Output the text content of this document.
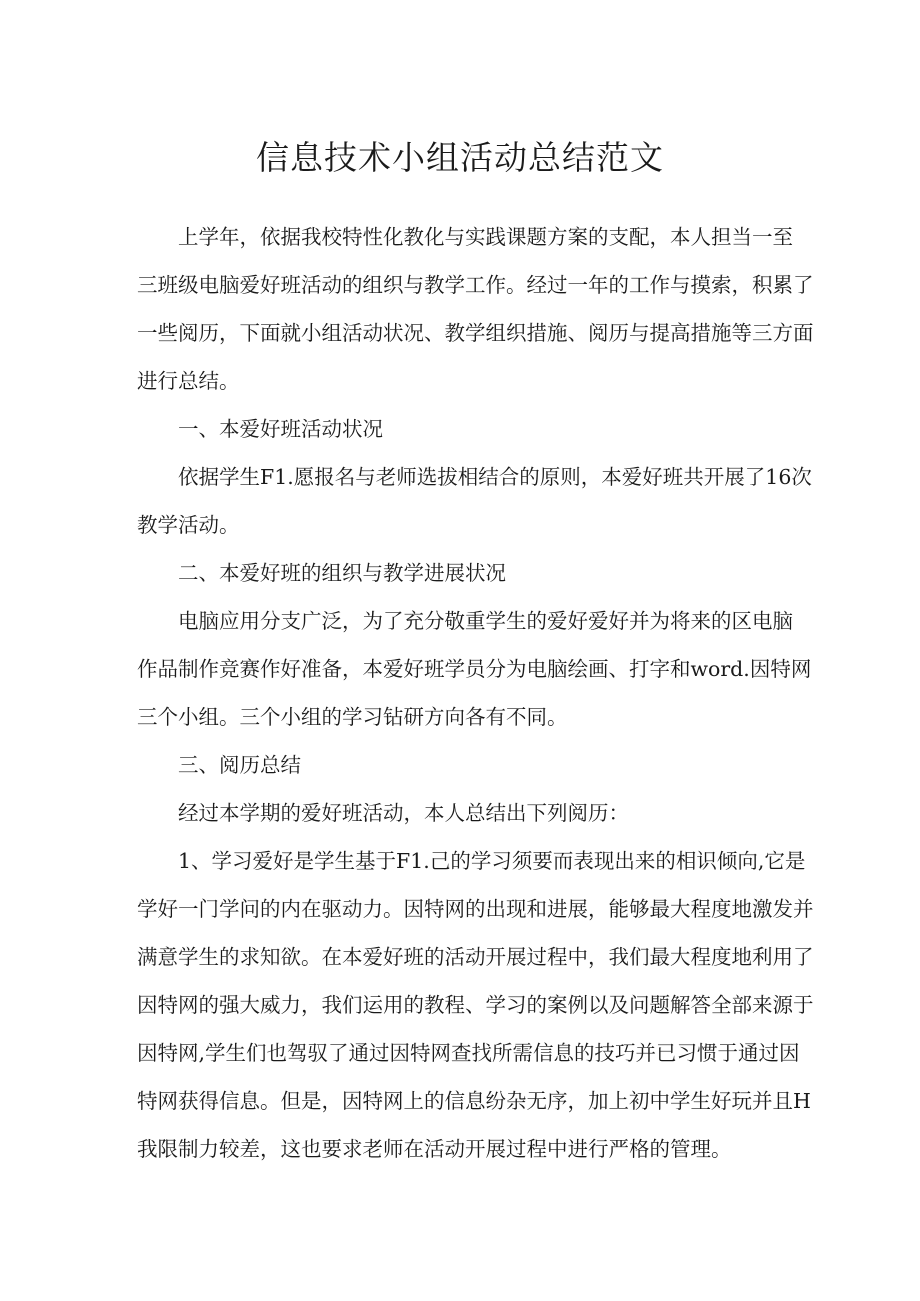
信息技术小组活动总结范文

上学年，依据我校特性化教化与实践课题方案的支配，本人担当一至
三班级电脑爱好班活动的组织与教学工作。经过一年的工作与摸索，积累了
一些阅历，下面就小组活动状况、教学组织措施、阅历与提高措施等三方面
进行总结。

一、本爱好班活动状况

依据学生F1.愿报名与老师选拔相结合的原则，本爱好班共开展了16次
教学活动。

二、本爱好班的组织与教学进展状况

电脑应用分支广泛，为了充分敬重学生的爱好爱好并为将来的区电脑
作品制作竞赛作好准备，本爱好班学员分为电脑绘画、打字和word.因特网
三个小组。三个小组的学习钻研方向各有不同。

三、阅历总结

经过本学期的爱好班活动，本人总结出下列阅历：

1、学习爱好是学生基于F1.己的学习须要而表现出来的相识倾向,它是
学好一门学问的内在驱动力。因特网的出现和进展，能够最大程度地激发并
满意学生的求知欲。在本爱好班的活动开展过程中，我们最大程度地利用了
因特网的强大威力，我们运用的教程、学习的案例以及问题解答全部来源于
因特网,学生们也驾驭了通过因特网查找所需信息的技巧并已习惯于通过因
特网获得信息。但是，因特网上的信息纷杂无序，加上初中学生好玩并且H
我限制力较差，这也要求老师在活动开展过程中进行严格的管理。
